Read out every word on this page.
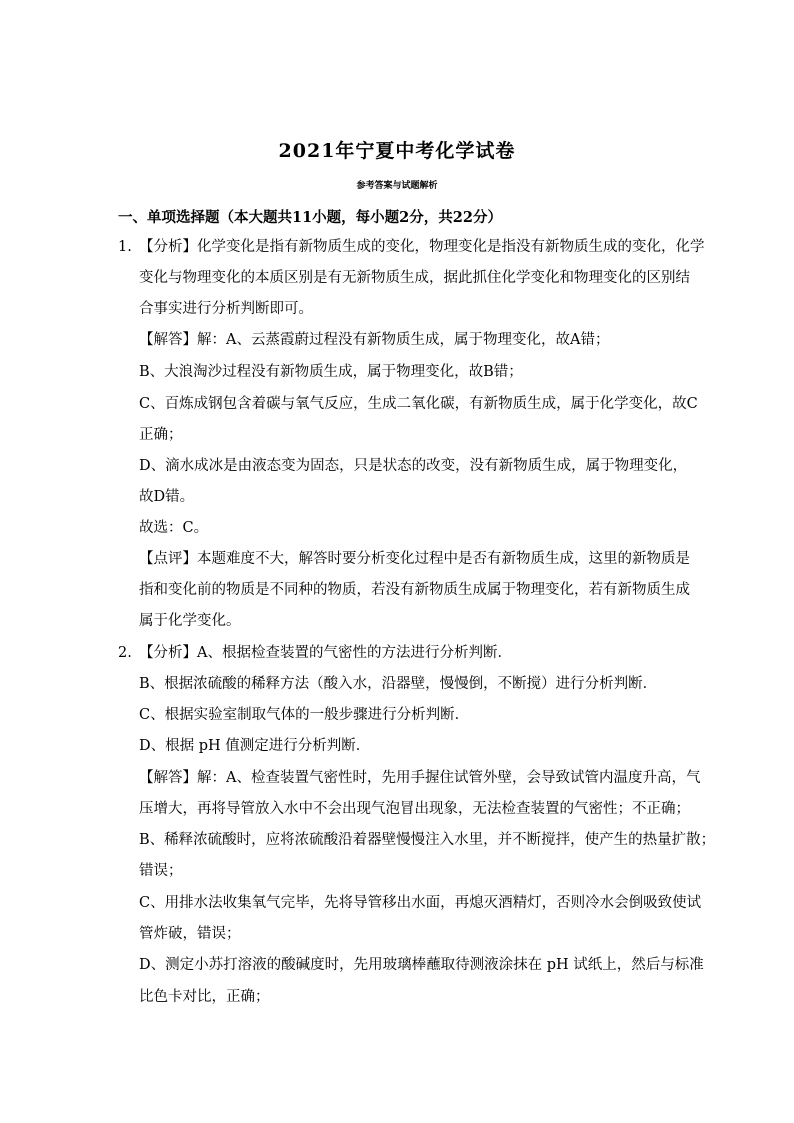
2021年宁夏中考化学试卷
参考答案与试题解析
一、单项选择题（本大题共11小题，每小题2分，共22分）
1. 【分析】化学变化是指有新物质生成的变化，物理变化是指没有新物质生成的变化，化学
变化与物理变化的本质区别是有无新物质生成，据此抓住化学变化和物理变化的区别结
合事实进行分析判断即可。
【解答】解：A、云蒸霞蔚过程没有新物质生成，属于物理变化，故A错；
B、大浪淘沙过程没有新物质生成，属于物理变化，故B错；
C、百炼成钢包含着碳与氧气反应，生成二氧化碳，有新物质生成，属于化学变化，故C
正确；
D、滴水成冰是由液态变为固态，只是状态的改变，没有新物质生成，属于物理变化，
故D错。
故选：C。
【点评】本题难度不大，解答时要分析变化过程中是否有新物质生成，这里的新物质是
指和变化前的物质是不同种的物质，若没有新物质生成属于物理变化，若有新物质生成
属于化学变化。
2. 【分析】A、根据检查装置的气密性的方法进行分析判断．
B、根据浓硫酸的稀释方法（酸入水，沿器壁，慢慢倒，不断搅）进行分析判断．
C、根据实验室制取气体的一般步骤进行分析判断．
D、根据 pH 值测定进行分析判断．
【解答】解：A、检查装置气密性时，先用手握住试管外壁，会导致试管内温度升高，气
压增大，再将导管放入水中不会出现气泡冒出现象，无法检查装置的气密性；不正确；
B、稀释浓硫酸时，应将浓硫酸沿着器壁慢慢注入水里，并不断搅拌，使产生的热量扩散；
错误；
C、用排水法收集氧气完毕，先将导管移出水面，再熄灭酒精灯，否则冷水会倒吸致使试
管炸破，错误；
D、测定小苏打溶液的酸碱度时，先用玻璃棒蘸取待测液涂抹在 pH 试纸上，然后与标准
比色卡对比，正确；
